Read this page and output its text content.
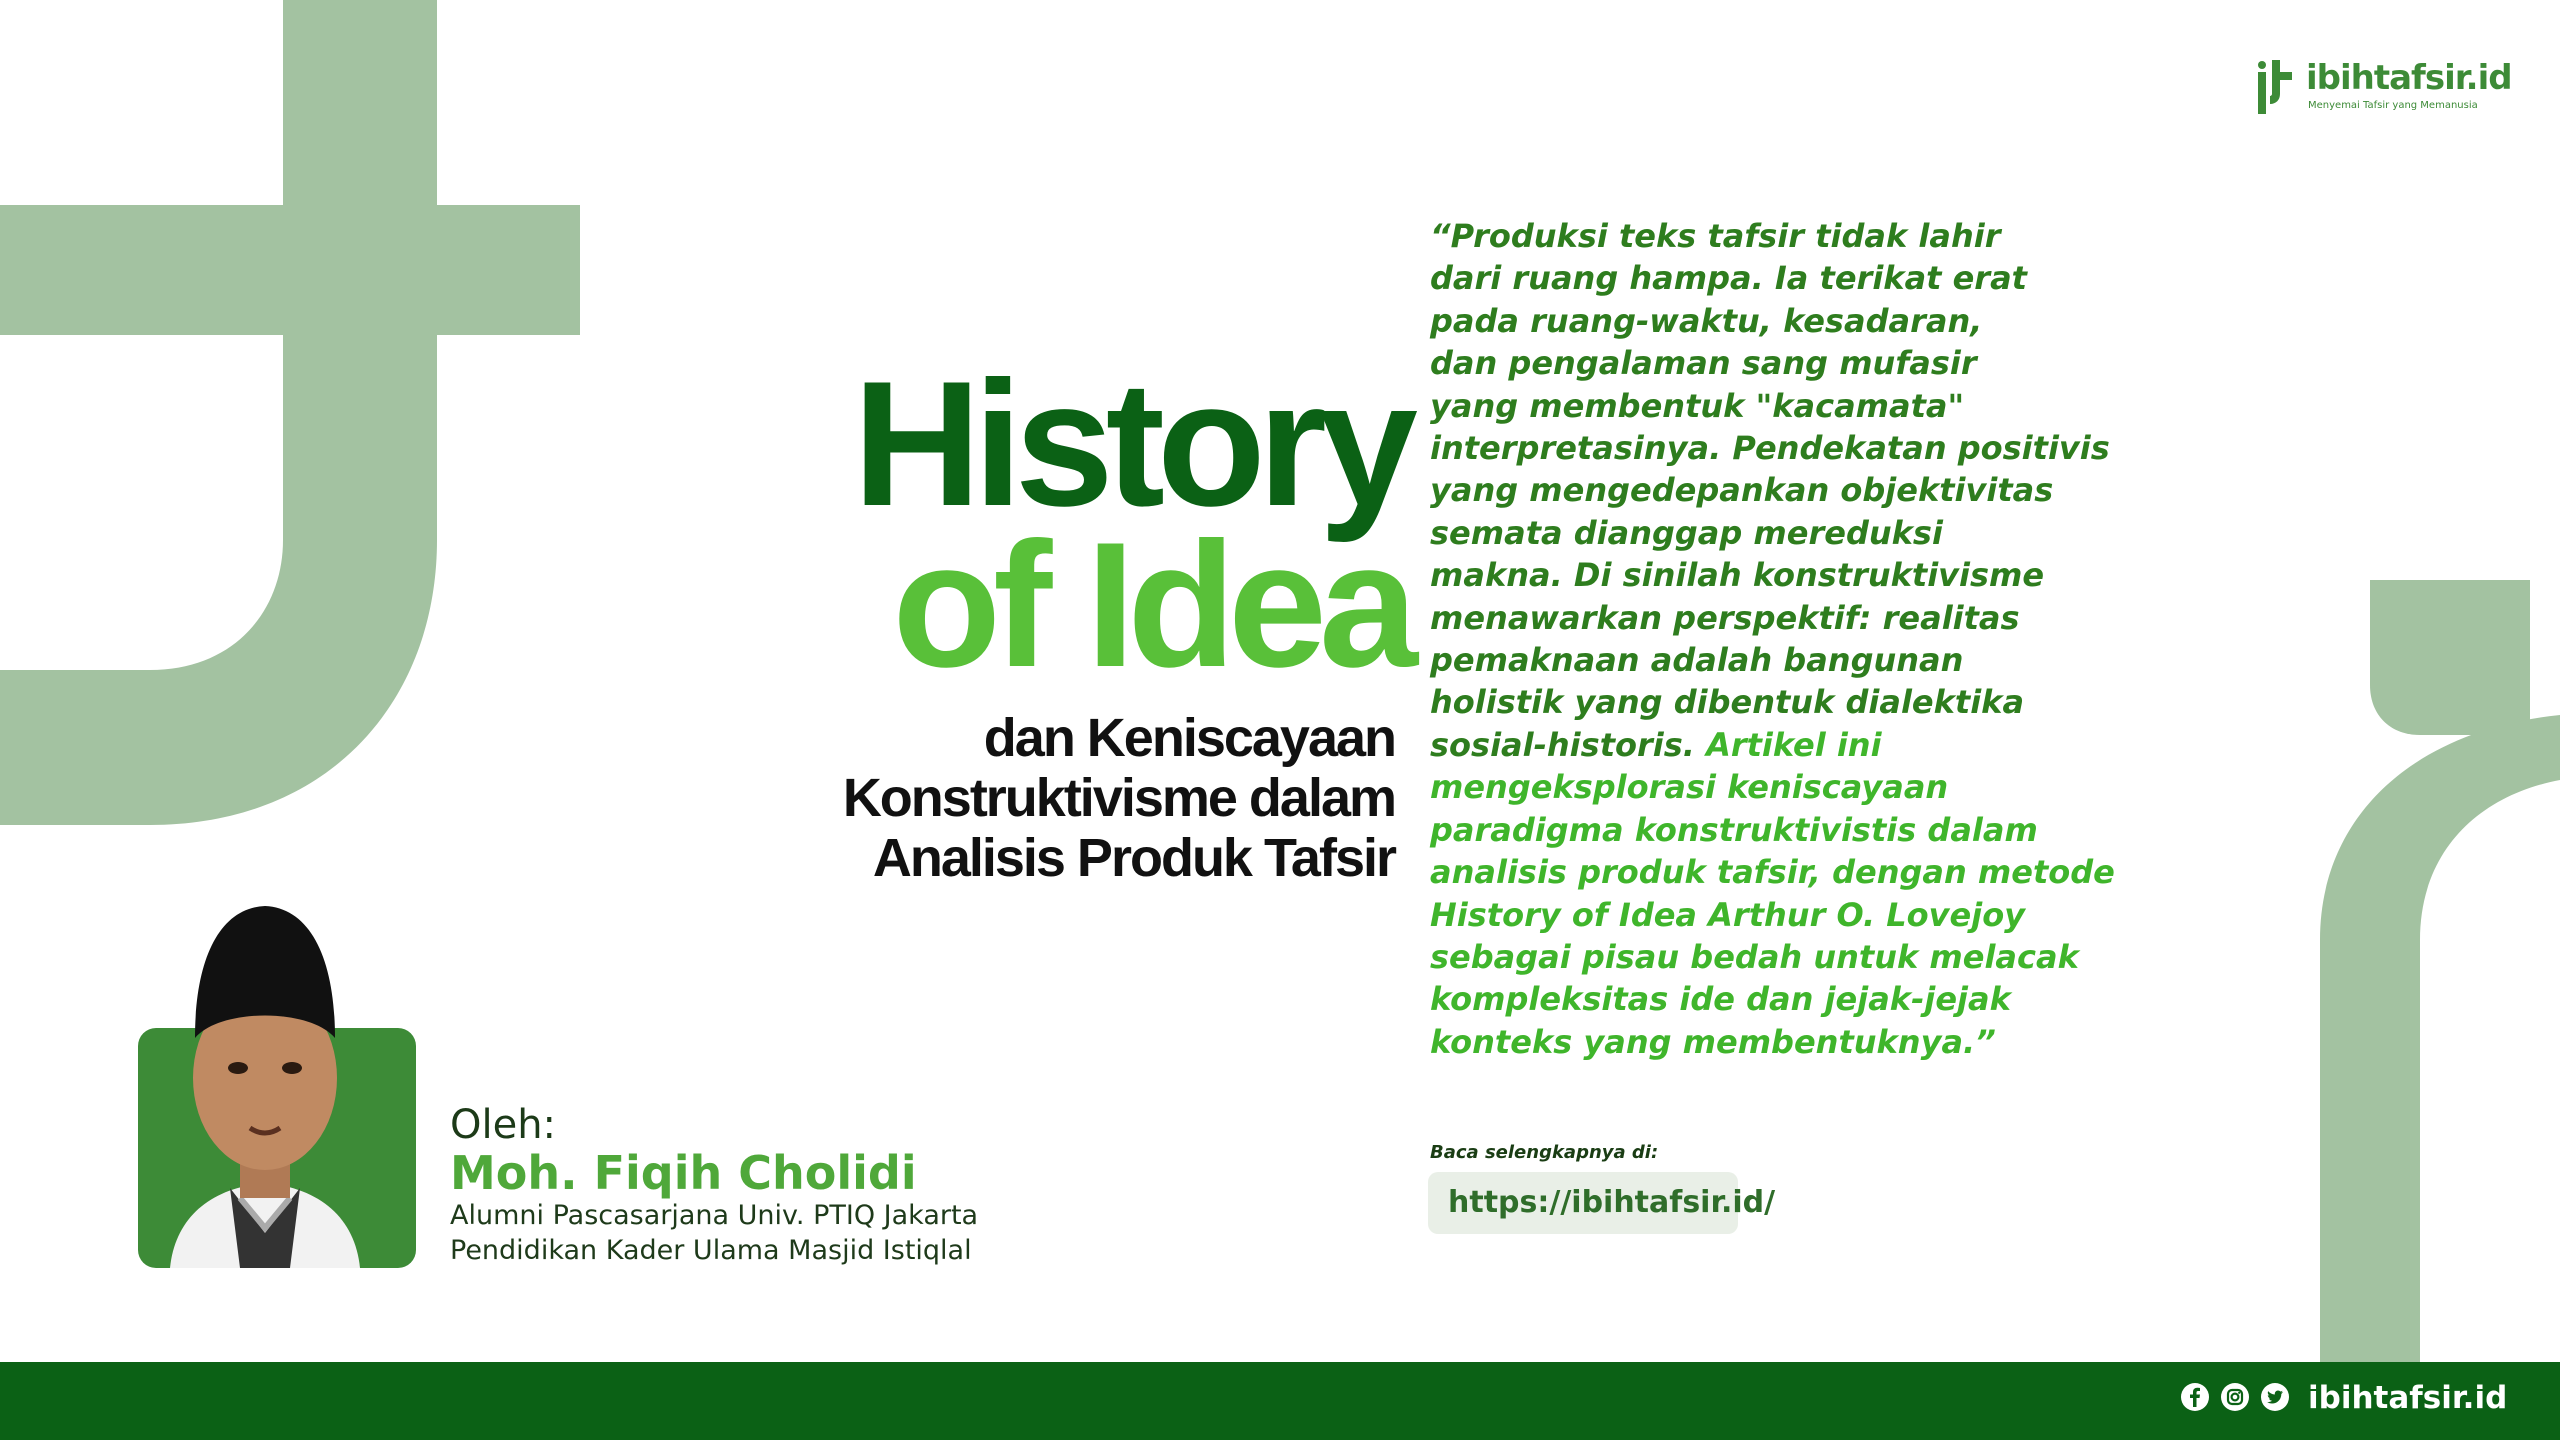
ibihtafsir.id
Menyemai Tafsir yang Memanusia
History
of Idea
dan Keniscayaan
Konstruktivisme dalam
Analisis Produk Tafsir
“Produksi teks tafsir tidak lahir
dari ruang hampa. Ia terikat erat
pada ruang-waktu, kesadaran,
dan pengalaman sang mufasir
yang membentuk "kacamata"
interpretasinya. Pendekatan positivis
yang mengedepankan objektivitas
semata dianggap mereduksi
makna. Di sinilah konstruktivisme
menawarkan perspektif: realitas
pemaknaan adalah bangunan
holistik yang dibentuk dialektika
sosial-historis. Artikel ini
mengeksplorasi keniscayaan
paradigma konstruktivistis dalam
analisis produk tafsir, dengan metode
History of Idea Arthur O. Lovejoy
sebagai pisau bedah untuk melacak
kompleksitas ide dan jejak-jejak
konteks yang membentuknya.”
Baca selengkapnya di:
https://ibihtafsir.id/
Oleh:
Moh. Fiqih Cholidi
Alumni Pascasarjana Univ. PTIQ Jakarta
Pendidikan Kader Ulama Masjid Istiqlal
ibihtafsir.id
